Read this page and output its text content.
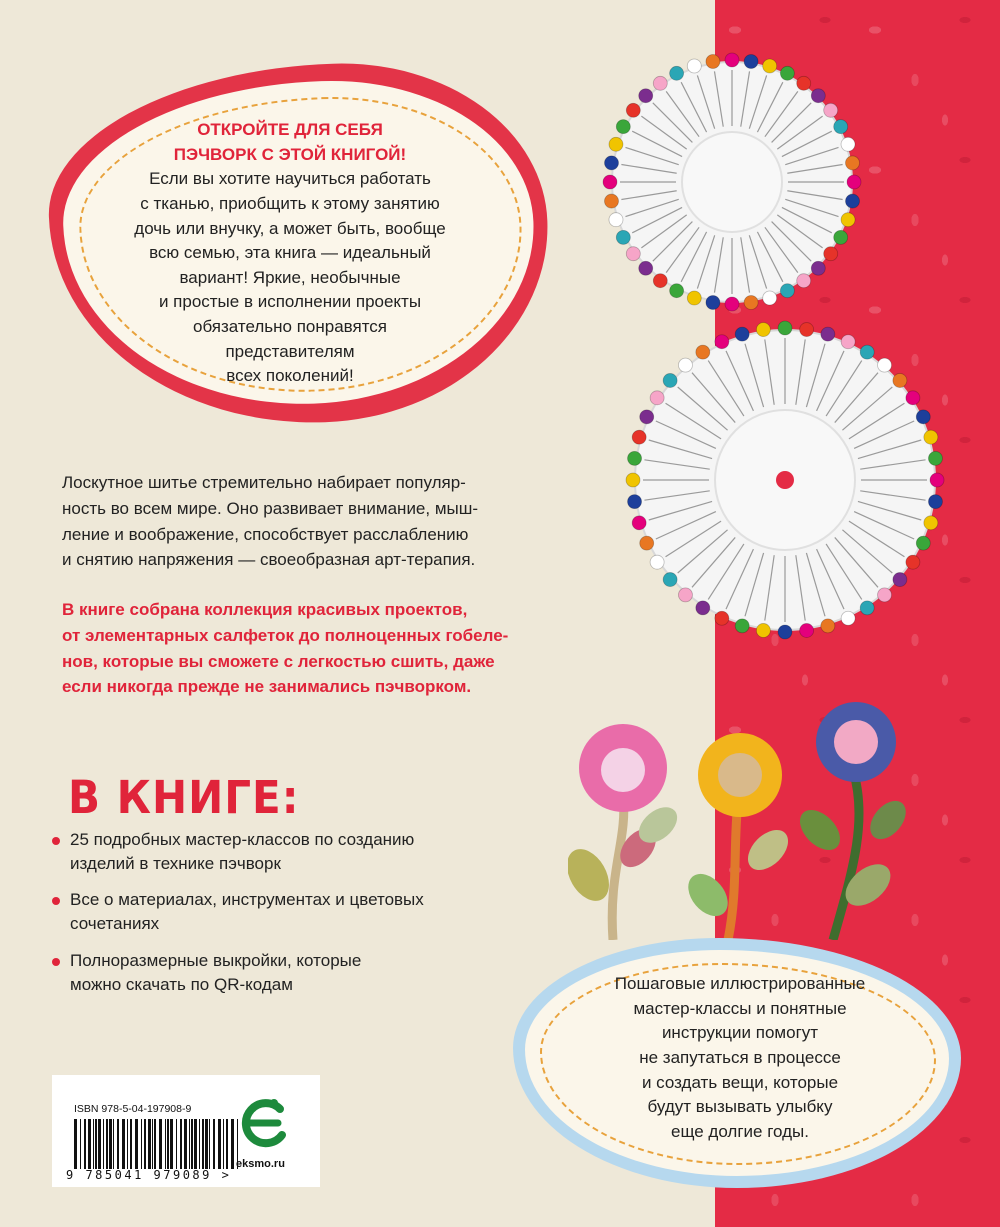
ОТКРОЙТЕ ДЛЯ СЕБЯ
ПЭЧВОРК С ЭТОЙ КНИГОЙ!
Если вы хотите научиться работать
с тканью, приобщить к этому занятию
дочь или внучку, а может быть, вообще
всю семью, эта книга — идеальный
вариант! Яркие, необычные
и простые в исполнении проекты
обязательно понравятся
представителям
всех поколений!
Лоскутное шитье стремительно набирает популяр-
ность во всем мире. Оно развивает внимание, мыш-
ление и воображение, способствует расслаблению
и снятию напряжения — своеобразная арт-терапия.
В книге собрана коллекция красивых проектов,
от элементарных салфеток до полноценных гобеле-
нов, которые вы сможете с легкостью сшить, даже
если никогда прежде не занимались пэчворком.
В КНИГЕ:
25 подробных мастер-классов по созданию
изделий в технике пэчворк
Все о материалах, инструментах и цветовых
сочетаниях
Полноразмерные выкройки, которые
можно скачать по QR-кодам	Пошаговые иллюстрированные
мастер-классы и понятные
инструкции помогут
не запутаться в процессе
и создать вещи, которые
будут вызывать улыбку
еще долгие годы.
ISBN 978-5-04-197908-9
9 785041 979089 >
eksmo.ru
